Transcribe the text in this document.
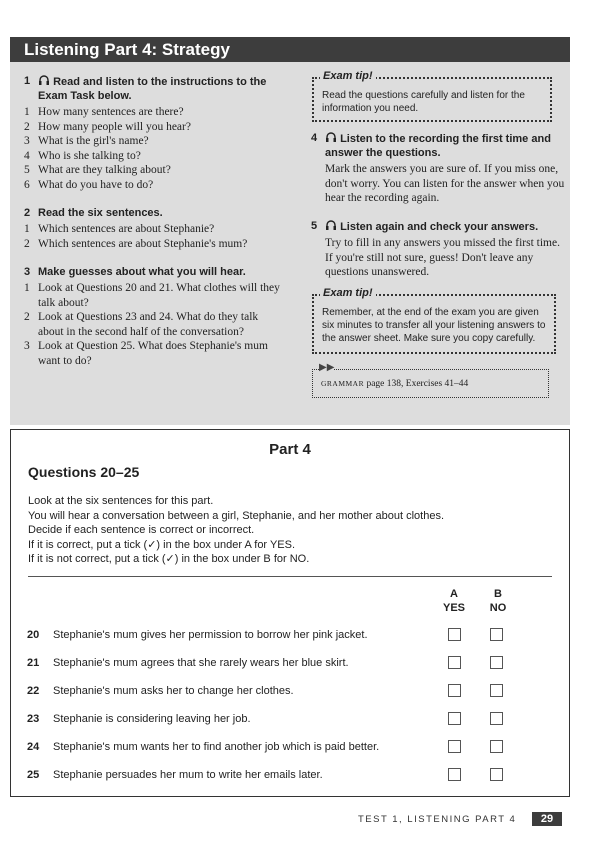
Listening Part 4: Strategy
1	Read and listen to the instructions to the Exam Task below.
1 How many sentences are there?
2 How many people will you hear?
3 What is the girl's name?
4 Who is she talking to?
5 What are they talking about?
6 What do you have to do?
2 Read the six sentences.
1 Which sentences are about Stephanie?
2 Which sentences are about Stephanie's mum?
3 Make guesses about what you will hear.
1 Look at Questions 20 and 21. What clothes will they talk about?
2 Look at Questions 23 and 24. What do they talk about in the second half of the conversation?
3 Look at Question 25. What does Stephanie's mum want to do?
Exam tip!
Read the questions carefully and listen for the information you need.
4	Listen to the recording the first time and answer the questions.
Mark the answers you are sure of. If you miss one, don't worry. You can listen for the answer when you hear the recording again.
5	Listen again and check your answers.
Try to fill in any answers you missed the first time. If you're still not sure, guess! Don't leave any questions unanswered.
Exam tip!
Remember, at the end of the exam you are given six minutes to transfer all your listening answers to the answer sheet. Make sure you copy carefully.
▶▶
GRAMMAR page 138, Exercises 41–44
Part 4
Questions 20–25
Look at the six sentences for this part.
You will hear a conversation between a girl, Stephanie, and her mother about clothes.
Decide if each sentence is correct or incorrect.
If it is correct, put a tick (✓) in the box under A for YES.
If it is not correct, put a tick (✓) in the box under B for NO.
A
YES
B
NO
20 Stephanie's mum gives her permission to borrow her pink jacket.
21 Stephanie's mum agrees that she rarely wears her blue skirt.
22 Stephanie's mum asks her to change her clothes.
23 Stephanie is considering leaving her job.
24 Stephanie's mum wants her to find another job which is paid better.
25 Stephanie persuades her mum to write her emails later.
TEST 1, LISTENING PART 4	29
